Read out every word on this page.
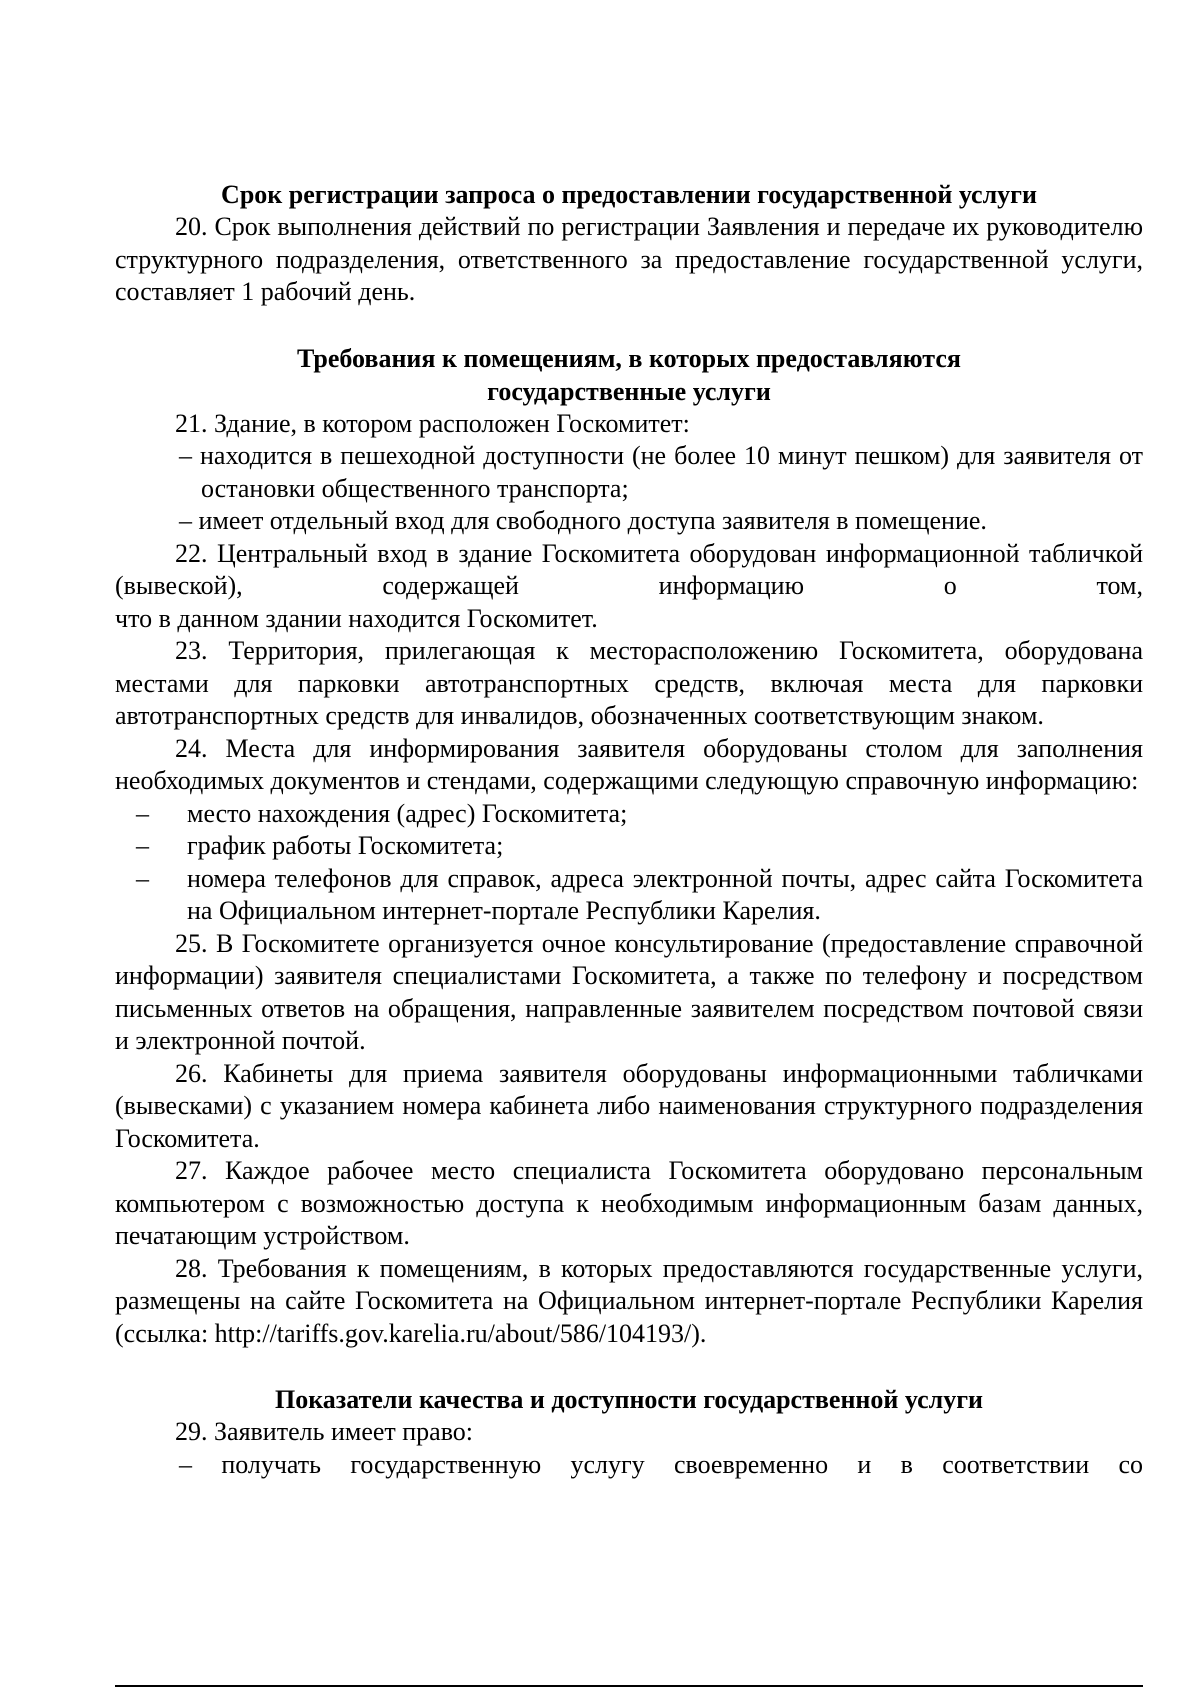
Срок регистрации запроса о предоставлении государственной услуги

20. Срок выполнения действий по регистрации Заявления и передаче их руководителю структурного подразделения, ответственного за предоставление государственной услуги, составляет 1 рабочий день.

Требования к помещениям, в которых предоставляются

государственные услуги

21. Здание, в котором расположен Госкомитет:

– находится в пешеходной доступности (не более 10 минут пешком) для заявителя от остановки общественного транспорта;

– имеет отдельный вход для свободного доступа заявителя в помещение.

22. Центральный вход в здание Госкомитета оборудован информационной табличкой (вывеской), содержащей информацию о том,

что в данном здании находится Госкомитет.

23. Территория, прилегающая к месторасположению Госкомитета, оборудована местами для парковки автотранспортных средств, включая места для парковки автотранспортных средств для инвалидов, обозначенных соответствующим знаком.

24. Места для информирования заявителя оборудованы столом для заполнения необходимых документов и стендами, содержащими следующую справочную информацию:

– место нахождения (адрес) Госкомитета;

– график работы Госкомитета;

– номера телефонов для справок, адреса электронной почты, адрес сайта Госкомитета на Официальном интернет-портале Республики Карелия.

25. В Госкомитете организуется очное консультирование (предоставление справочной информации) заявителя специалистами Госкомитета, а также по телефону и посредством письменных ответов на обращения, направленные заявителем посредством почтовой связи и электронной почтой.

26. Кабинеты для приема заявителя оборудованы информационными табличками (вывесками) с указанием номера кабинета либо наименования структурного подразделения Госкомитета.

27. Каждое рабочее место специалиста Госкомитета оборудовано персональным компьютером с возможностью доступа к необходимым информационным базам данных, печатающим устройством.

28. Требования к помещениям, в которых предоставляются государственные услуги, размещены на сайте Госкомитета на Официальном интернет-портале Республики Карелия (ссылка: http://tariffs.gov.karelia.ru/about/586/104193/).

Показатели качества и доступности государственной услуги

29. Заявитель имеет право:

– получать государственную услугу своевременно и в соответствии со
